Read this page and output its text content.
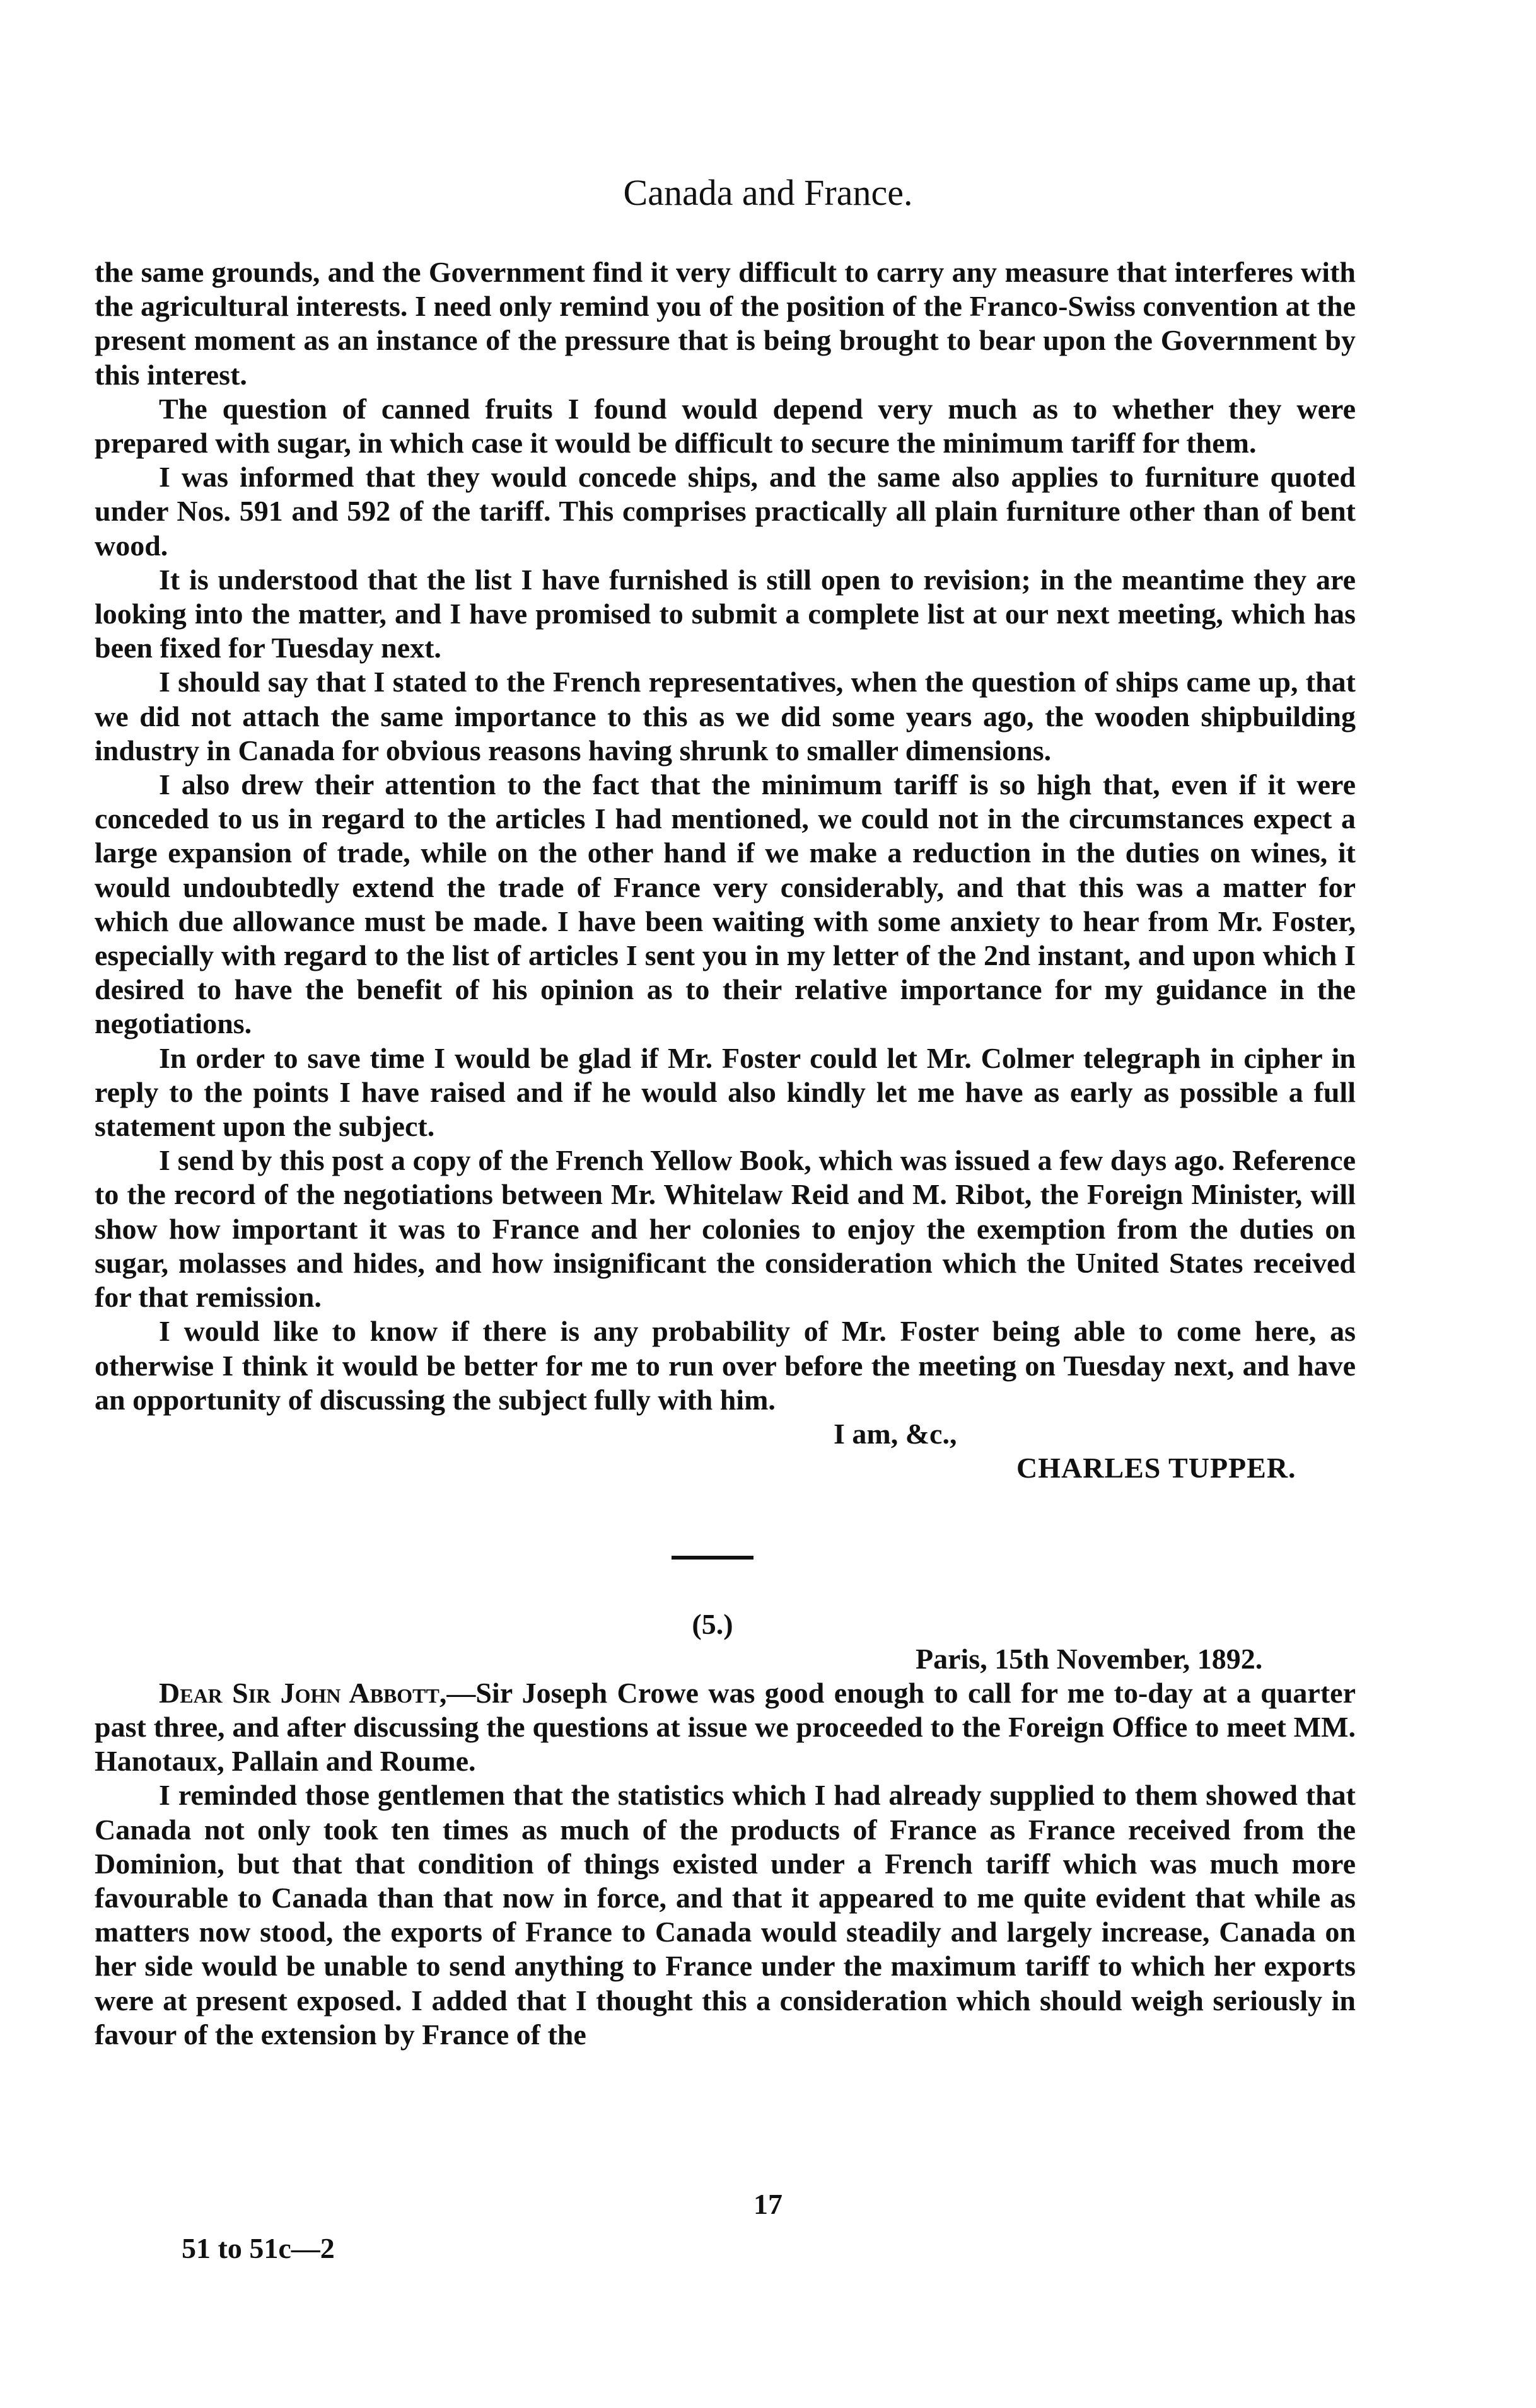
Canada and France.

the same grounds, and the Government find it very difficult to carry any measure that interferes with the agricultural interests. I need only remind you of the position of the Franco-Swiss convention at the present moment as an instance of the pressure that is being brought to bear upon the Government by this interest.

The question of canned fruits I found would depend very much as to whether they were prepared with sugar, in which case it would be difficult to secure the minimum tariff for them.

I was informed that they would concede ships, and the same also applies to furniture quoted under Nos. 591 and 592 of the tariff. This comprises practically all plain furniture other than of bent wood.

It is understood that the list I have furnished is still open to revision; in the meantime they are looking into the matter, and I have promised to submit a complete list at our next meeting, which has been fixed for Tuesday next.

I should say that I stated to the French representatives, when the question of ships came up, that we did not attach the same importance to this as we did some years ago, the wooden shipbuilding industry in Canada for obvious reasons having shrunk to smaller dimensions.

I also drew their attention to the fact that the minimum tariff is so high that, even if it were conceded to us in regard to the articles I had mentioned, we could not in the circumstances expect a large expansion of trade, while on the other hand if we make a reduction in the duties on wines, it would undoubtedly extend the trade of France very considerably, and that this was a matter for which due allowance must be made. I have been waiting with some anxiety to hear from Mr. Foster, especially with regard to the list of articles I sent you in my letter of the 2nd instant, and upon which I desired to have the benefit of his opinion as to their relative importance for my guidance in the negotiations.

In order to save time I would be glad if Mr. Foster could let Mr. Colmer telegraph in cipher in reply to the points I have raised and if he would also kindly let me have as early as possible a full statement upon the subject.

I send by this post a copy of the French Yellow Book, which was issued a few days ago. Reference to the record of the negotiations between Mr. Whitelaw Reid and M. Ribot, the Foreign Minister, will show how important it was to France and her colonies to enjoy the exemption from the duties on sugar, molasses and hides, and how insignificant the consideration which the United States received for that remission.

I would like to know if there is any probability of Mr. Foster being able to come here, as otherwise I think it would be better for me to run over before the meeting on Tuesday next, and have an opportunity of discussing the subject fully with him.

I am, &c.,

CHARLES TUPPER.

(5.)

Paris, 15th November, 1892.

Dear Sir John Abbott,—Sir Joseph Crowe was good enough to call for me to-day at a quarter past three, and after discussing the questions at issue we proceeded to the Foreign Office to meet MM. Hanotaux, Pallain and Roume.

I reminded those gentlemen that the statistics which I had already supplied to them showed that Canada not only took ten times as much of the products of France as France received from the Dominion, but that that condition of things existed under a French tariff which was much more favourable to Canada than that now in force, and that it appeared to me quite evident that while as matters now stood, the exports of France to Canada would steadily and largely increase, Canada on her side would be unable to send anything to France under the maximum tariff to which her exports were at present exposed. I added that I thought this a consideration which should weigh seriously in favour of the extension by France of the

17
51 to 51c—2
